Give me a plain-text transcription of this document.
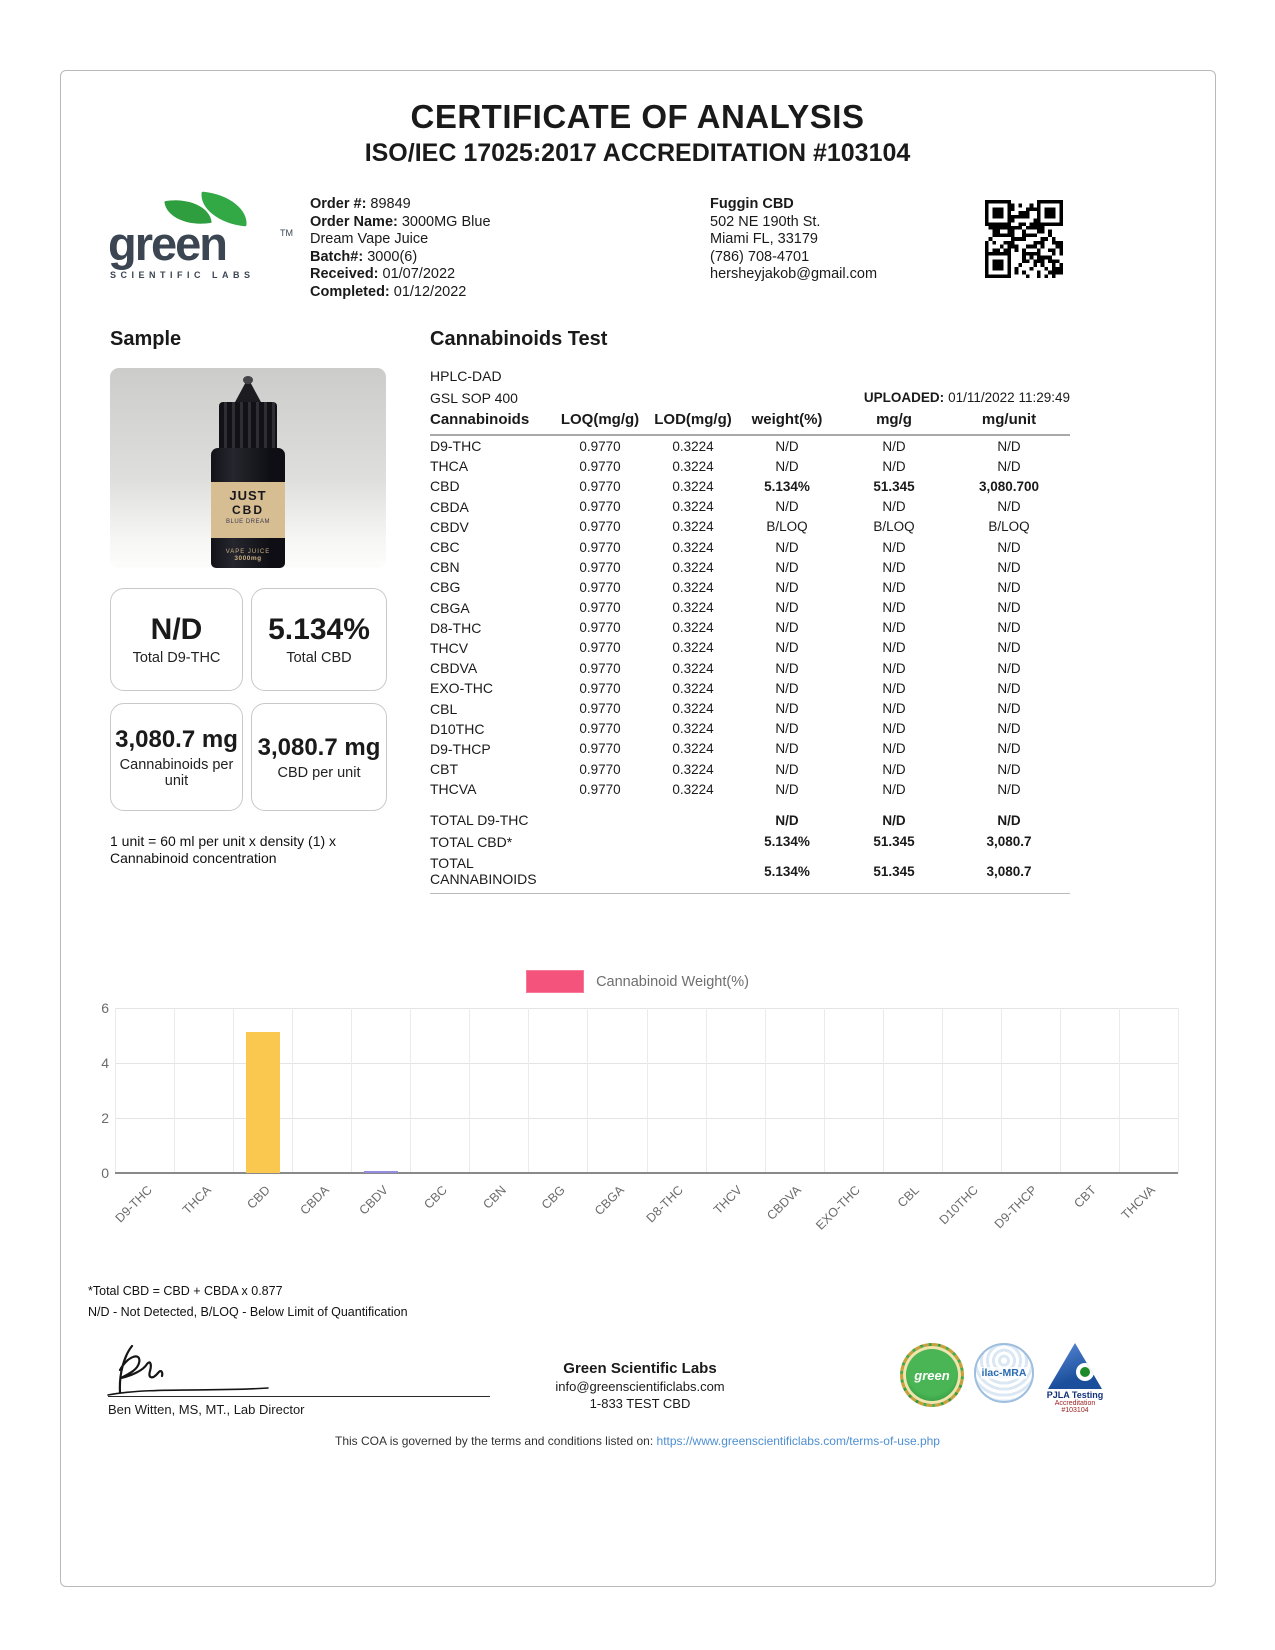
CERTIFICATE OF ANALYSIS
ISO/IEC 17025:2017 ACCREDITATION #103104
green	TM
SCIENTIFIC LABS
Order #: 89849
Order Name: 3000MG Blue Dream Vape Juice
Batch#: 3000(6)
Received: 01/07/2022
Completed: 01/12/2022
Fuggin CBD
502 NE 190th St.
Miami FL, 33179
(786) 708-4701
hersheyjakob@gmail.com
Sample
JUST
CBD
BLUE DREAM
VAPE JUICE
3000mg
N/D
Total D9-THC
5.134%
Total CBD
3,080.7 mg
Cannabinoids per unit
3,080.7 mg
CBD per unit
1 unit = 60 ml per unit x density (1) x Cannabinoid concentration
Cannabinoids Test
HPLC-DAD
GSL SOP 400	UPLOADED: 01/11/2022 11:29:49
Cannabinoids	LOQ(mg/g)	LOD(mg/g)	weight(%)	mg/g	mg/unit
D9-THC	0.9770	0.3224	N/D	N/D	N/D
THCA	0.9770	0.3224	N/D	N/D	N/D
CBD	0.9770	0.3224	5.134%	51.345	3,080.700
CBDA	0.9770	0.3224	N/D	N/D	N/D
CBDV	0.9770	0.3224	B/LOQ	B/LOQ	B/LOQ
CBC	0.9770	0.3224	N/D	N/D	N/D
CBN	0.9770	0.3224	N/D	N/D	N/D
CBG	0.9770	0.3224	N/D	N/D	N/D
CBGA	0.9770	0.3224	N/D	N/D	N/D
D8-THC	0.9770	0.3224	N/D	N/D	N/D
THCV	0.9770	0.3224	N/D	N/D	N/D
CBDVA	0.9770	0.3224	N/D	N/D	N/D
EXO-THC	0.9770	0.3224	N/D	N/D	N/D
CBL	0.9770	0.3224	N/D	N/D	N/D
D10THC	0.9770	0.3224	N/D	N/D	N/D
D9-THCP	0.9770	0.3224	N/D	N/D	N/D
CBT	0.9770	0.3224	N/D	N/D	N/D
THCVA	0.9770	0.3224	N/D	N/D	N/D

TOTAL D9-THC			N/D	N/D	N/D
TOTAL CBD*			5.134%	51.345	3,080.7
TOTAL CANNABINOIDS			5.134%	51.345	3,080.7
Cannabinoid Weight(%)
0
2
4
6
D9-THC	THCA	CBD	CBDA	CBDV	CBC	CBN	CBG	CBGA	D8-THC	THCV	CBDVA EXO-THC	CBL	D10THC D9-THCP	CBT	THCVA
*Total CBD = CBD + CBDA x 0.877
N/D - Not Detected, B/LOQ - Below Limit of Quantification
Ben Witten, MS, MT., Lab Director
Green Scientific Labs
info@greenscientificlabs.com
1-833 TEST CBD
green	ilac-MRA
PJLA Testing
Accreditation #103104
This COA is governed by the terms and conditions listed on: https://www.greenscientificlabs.com/terms-of-use.php
